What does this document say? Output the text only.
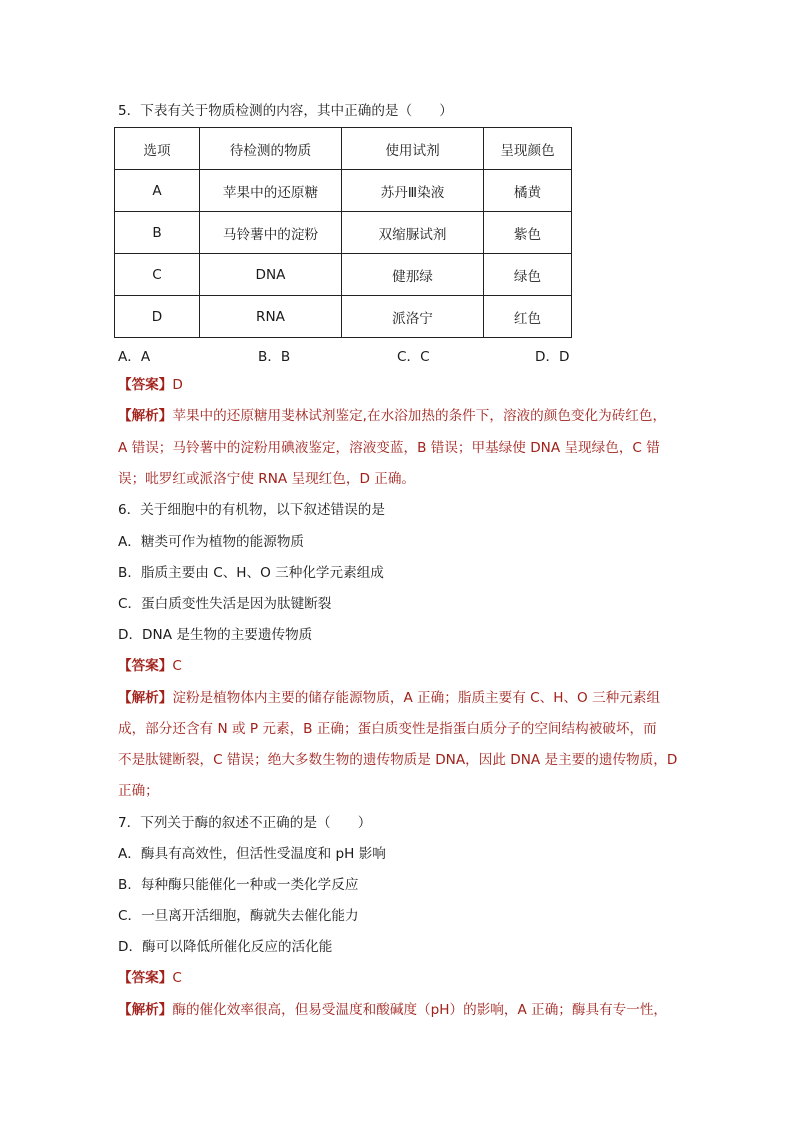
5．下表有关于物质检测的内容，其中正确的是（　　）
选项	待检测的物质	使用试剂	呈现颜色
A	苹果中的还原糖	苏丹Ⅲ染液	橘黄
B	马铃薯中的淀粉	双缩脲试剂	紫色
C	DNA	健那绿	绿色
D	RNA	派洛宁	红色
A．A	B．B	C．C	D．D
【答案】D
【解析】苹果中的还原糖用斐林试剂鉴定,在水浴加热的条件下，溶液的颜色变化为砖红色，
A 错误；马铃薯中的淀粉用碘液鉴定，溶液变蓝，B 错误；甲基绿使 DNA 呈现绿色，C 错
误；吡罗红或派洛宁使 RNA 呈现红色，D 正确。
6．关于细胞中的有机物，以下叙述错误的是
A．糖类可作为植物的能源物质
B．脂质主要由 C、H、O 三种化学元素组成
C．蛋白质变性失活是因为肽键断裂
D．DNA 是生物的主要遗传物质
【答案】C
【解析】淀粉是植物体内主要的储存能源物质，A 正确；脂质主要有 C、H、O 三种元素组
成，部分还含有 N 或 P 元素，B 正确；蛋白质变性是指蛋白质分子的空间结构被破坏，而
不是肽键断裂，C 错误；绝大多数生物的遗传物质是 DNA，因此 DNA 是主要的遗传物质，D
正确；
7．下列关于酶的叙述不正确的是（　　）
A．酶具有高效性，但活性受温度和 pH 影响
B．每种酶只能催化一种或一类化学反应
C．一旦离开活细胞，酶就失去催化能力
D．酶可以降低所催化反应的活化能
【答案】C
【解析】酶的催化效率很高，但易受温度和酸碱度（pH）的影响，A 正确；酶具有专一性，
